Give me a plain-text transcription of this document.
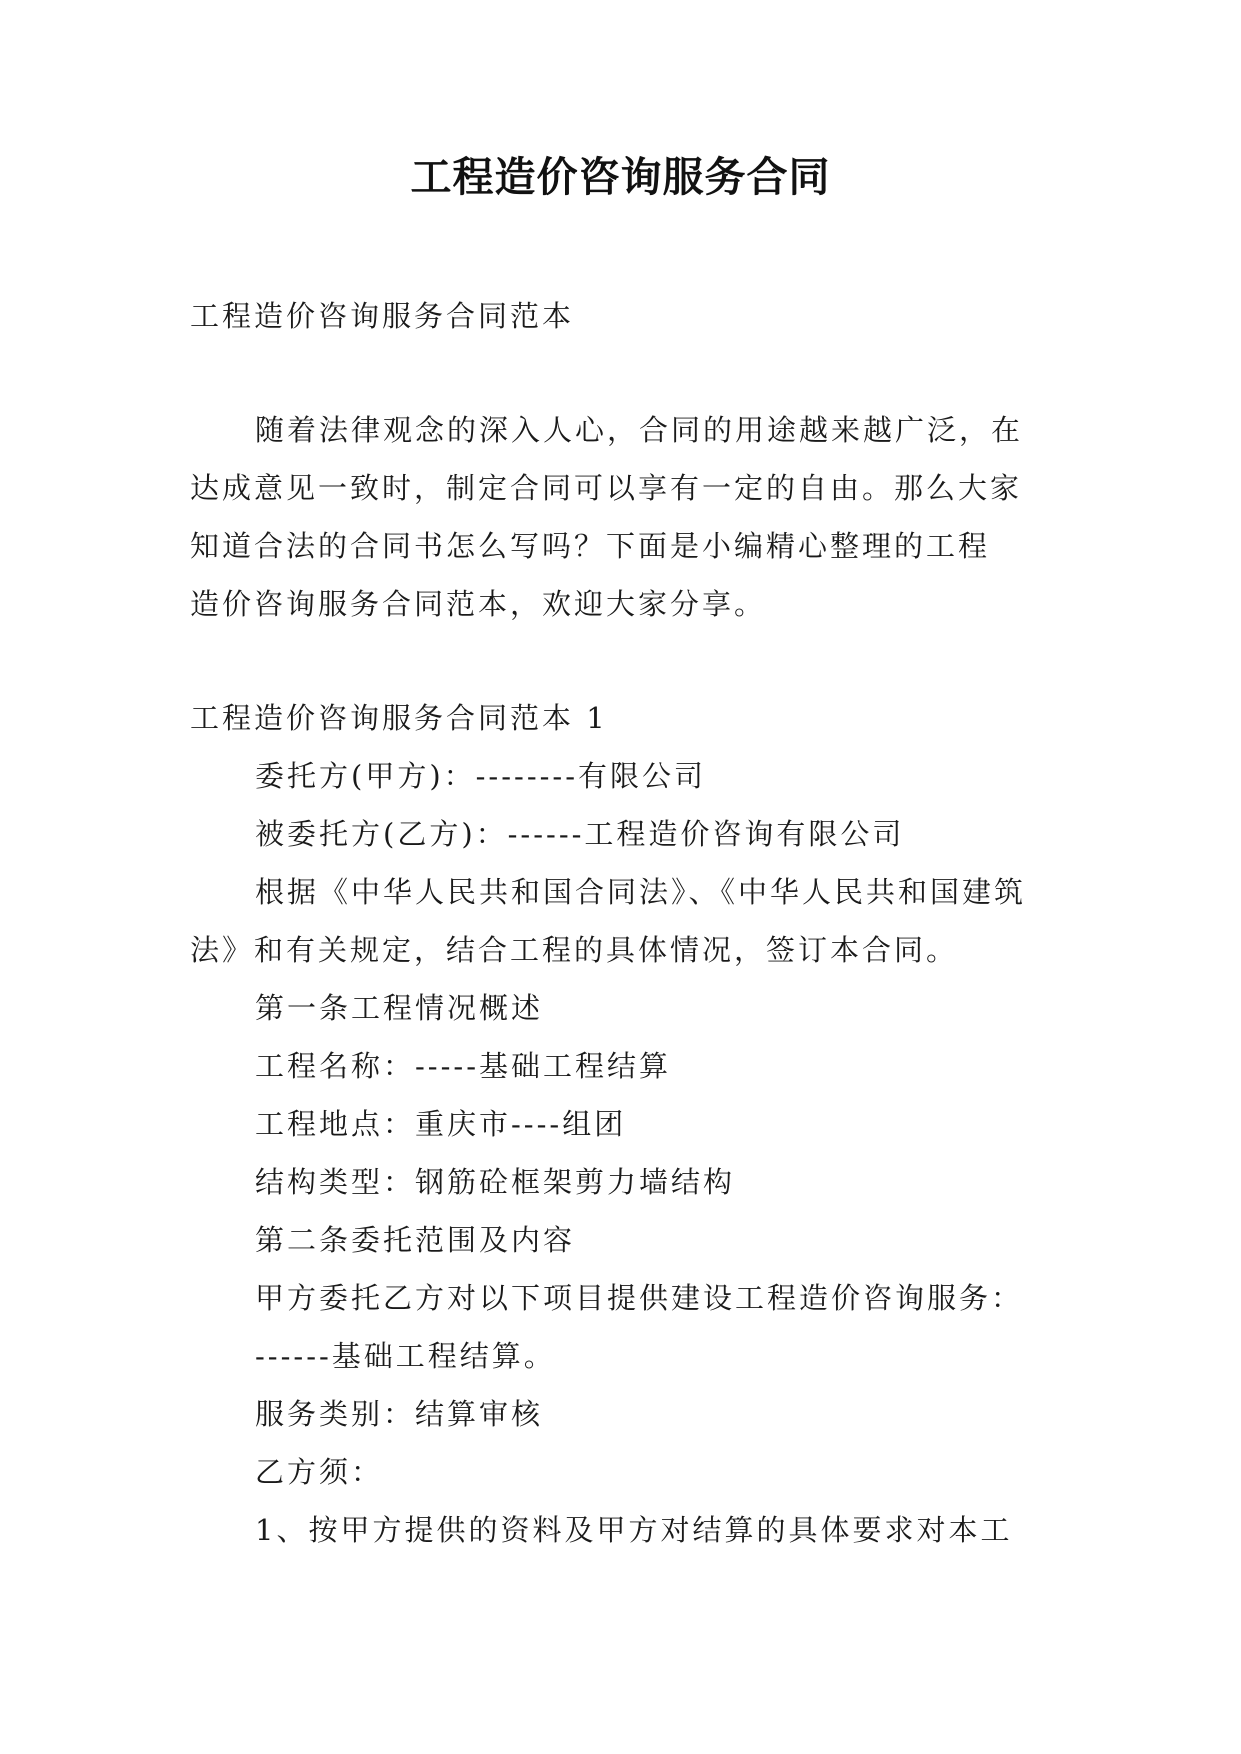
工程造价咨询服务合同
工程造价咨询服务合同范本
随着法律观念的深入人心，合同的用途越来越广泛，在
达成意见一致时，制定合同可以享有一定的自由。那么大家
知道合法的合同书怎么写吗？下面是小编精心整理的工程
造价咨询服务合同范本，欢迎大家分享。
工程造价咨询服务合同范本 1
委托方(甲方)：--------有限公司
被委托方(乙方)：------工程造价咨询有限公司
根据《中华人民共和国合同法》、《中华人民共和国建筑
法》和有关规定，结合工程的具体情况，签订本合同。
第一条工程情况概述
工程名称：-----基础工程结算
工程地点：重庆市----组团
结构类型：钢筋砼框架剪力墙结构
第二条委托范围及内容
甲方委托乙方对以下项目提供建设工程造价咨询服务：
------基础工程结算。
服务类别：结算审核
乙方须：
1、按甲方提供的资料及甲方对结算的具体要求对本工
